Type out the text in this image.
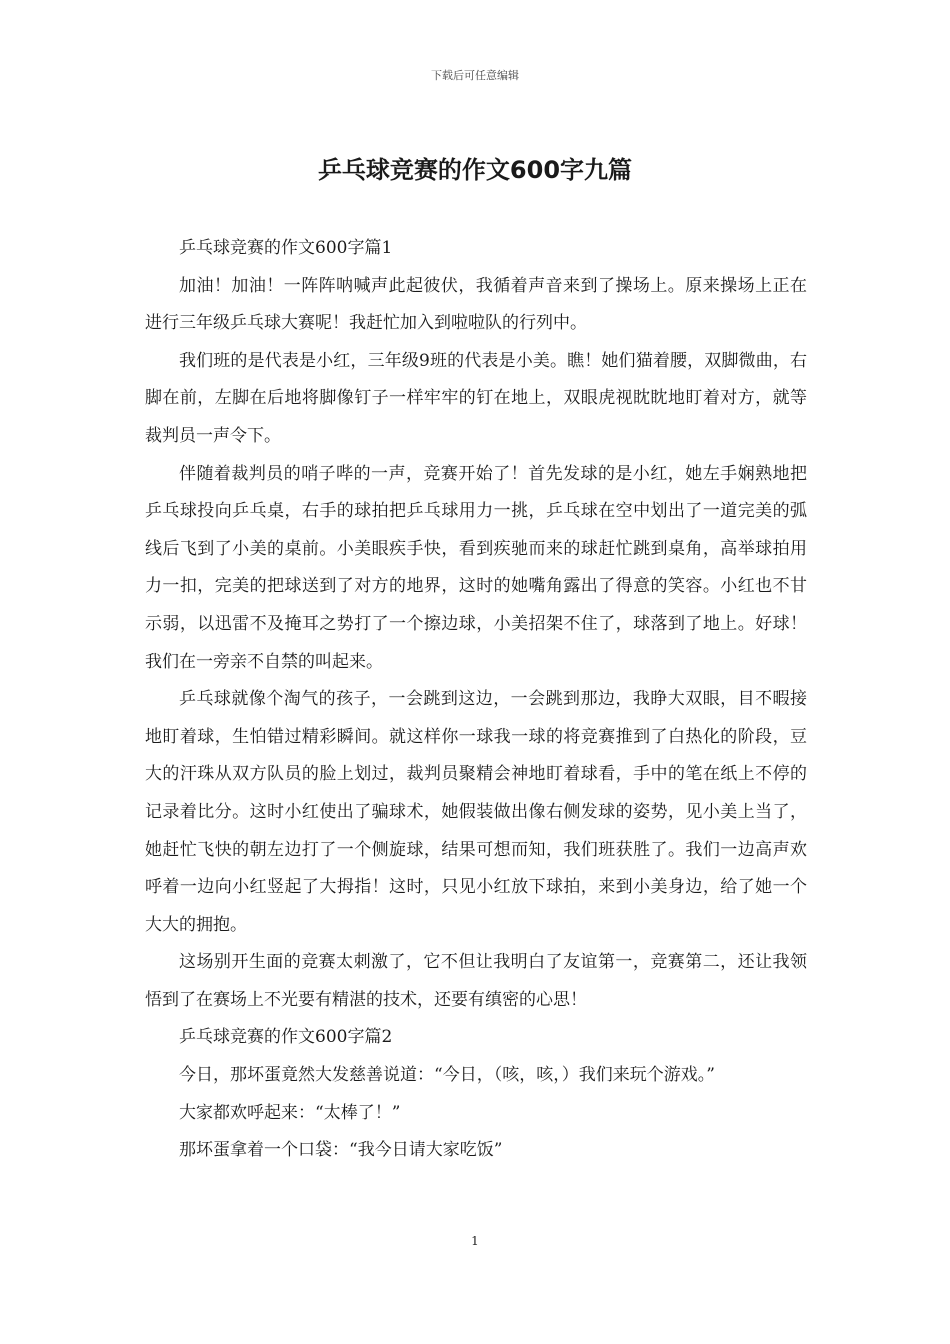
下载后可任意编辑
乒乓球竞赛的作文600字九篇

乒乓球竞赛的作文600字篇1

加油！加油！一阵阵呐喊声此起彼伏，我循着声音来到了操场上。原来操场上正在进行三年级乒乓球大赛呢！我赶忙加入到啦啦队的行列中。

我们班的是代表是小红，三年级9班的代表是小美。瞧！她们猫着腰，双脚微曲，右脚在前，左脚在后地将脚像钉子一样牢牢的钉在地上，双眼虎视眈眈地盯着对方，就等裁判员一声令下。

伴随着裁判员的哨子哔的一声，竞赛开始了！首先发球的是小红，她左手娴熟地把乒乓球投向乒乓桌，右手的球拍把乒乓球用力一挑，乒乓球在空中划出了一道完美的弧线后飞到了小美的桌前。小美眼疾手快，看到疾驰而来的球赶忙跳到桌角，高举球拍用力一扣，完美的把球送到了对方的地界，这时的她嘴角露出了得意的笑容。小红也不甘示弱，以迅雷不及掩耳之势打了一个擦边球，小美招架不住了，球落到了地上。好球！我们在一旁亲不自禁的叫起来。

乒乓球就像个淘气的孩子，一会跳到这边，一会跳到那边，我睁大双眼，目不暇接地盯着球，生怕错过精彩瞬间。就这样你一球我一球的将竞赛推到了白热化的阶段，豆大的汗珠从双方队员的脸上划过，裁判员聚精会神地盯着球看，手中的笔在纸上不停的记录着比分。这时小红使出了骗球术，她假装做出像右侧发球的姿势，见小美上当了，她赶忙飞快的朝左边打了一个侧旋球，结果可想而知，我们班获胜了。我们一边高声欢呼着一边向小红竖起了大拇指！这时，只见小红放下球拍，来到小美身边，给了她一个大大的拥抱。

这场别开生面的竞赛太刺激了，它不但让我明白了友谊第一，竞赛第二，还让我领悟到了在赛场上不光要有精湛的技术，还要有缜密的心思！

乒乓球竞赛的作文600字篇2

今日，那坏蛋竟然大发慈善说道：“今日，（咳，咳，）我们来玩个游戏。”

大家都欢呼起来：“太棒了！”

那坏蛋拿着一个口袋：“我今日请大家吃饭”

1
